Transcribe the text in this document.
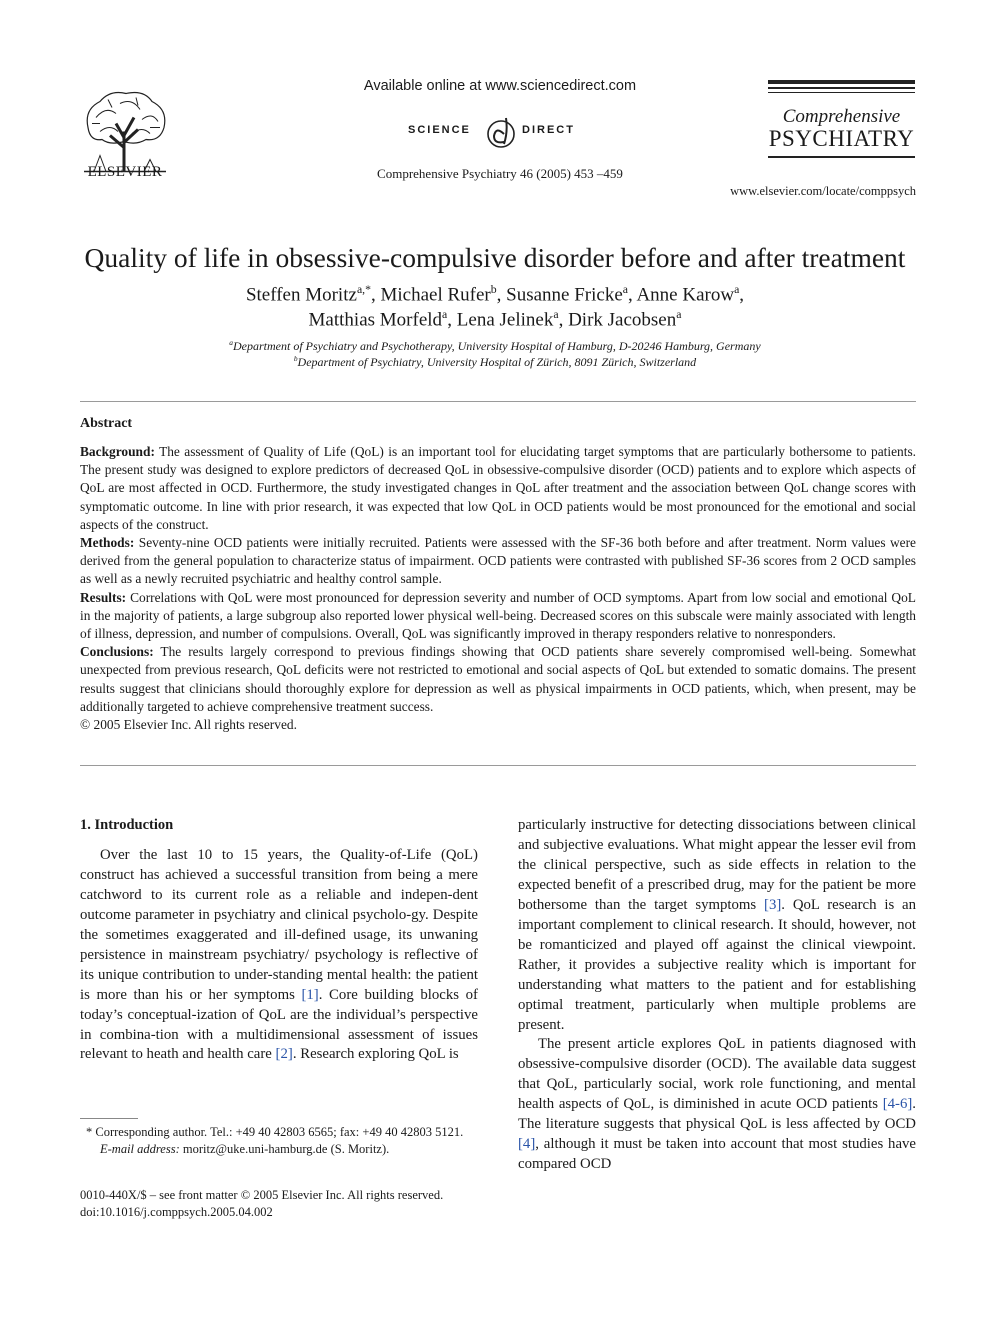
ELSEVIER
Available online at www.sciencedirect.com
SCIENCE	DIRECT
Comprehensive Psychiatry 46 (2005) 453 –459
Comprehensive
PSYCHIATRY
www.elsevier.com/locate/comppsych
Quality of life in obsessive-compulsive disorder before and after treatment
Steffen Moritz$^{a,*}$, Michael Rufer$^b$, Susanne Fricke$^a$, Anne Karow$^a$,
Matthias Morfeld$^a$, Lena Jelinek$^a$, Dirk Jacobsen$^a$
$^a$Department of Psychiatry and Psychotherapy, University Hospital of Hamburg, D-20246 Hamburg, Germany
$^b$Department of Psychiatry, University Hospital of Zürich, 8091 Zürich, Switzerland
Abstract

Background: The assessment of Quality of Life (QoL) is an important tool for elucidating target symptoms that are particularly bothersome to patients. The present study was designed to explore predictors of decreased QoL in obsessive-compulsive disorder (OCD) patients and to explore which aspects of QoL are most affected in OCD. Furthermore, the study investigated changes in QoL after treatment and the association between QoL change scores with symptomatic outcome. In line with prior research, it was expected that low QoL in OCD patients would be most pronounced for the emotional and social aspects of the construct.

Methods: Seventy-nine OCD patients were initially recruited. Patients were assessed with the SF-36 both before and after treatment. Norm values were derived from the general population to characterize status of impairment. OCD patients were contrasted with published SF-36 scores from 2 OCD samples as well as a newly recruited psychiatric and healthy control sample.

Results: Correlations with QoL were most pronounced for depression severity and number of OCD symptoms. Apart from low social and emotional QoL in the majority of patients, a large subgroup also reported lower physical well-being. Decreased scores on this subscale were mainly associated with length of illness, depression, and number of compulsions. Overall, QoL was significantly improved in therapy responders relative to nonresponders.

Conclusions: The results largely correspond to previous findings showing that OCD patients share severely compromised well-being. Somewhat unexpected from previous research, QoL deficits were not restricted to emotional and social aspects of QoL but extended to somatic domains. The present results suggest that clinicians should thoroughly explore for depression as well as physical impairments in OCD patients, which, when present, may be additionally targeted to achieve comprehensive treatment success.

© 2005 Elsevier Inc. All rights reserved.

1. Introduction

Over the last 10 to 15 years, the Quality-of-Life (QoL) construct has achieved a successful transition from being a mere catchword to its current role as a reliable and indepen-dent outcome parameter in psychiatry and clinical psycholo-gy. Despite the sometimes exaggerated and ill-defined usage, its unwaning persistence in mainstream psychiatry/ psychology is reflective of its unique contribution to under-standing mental health: the patient is more than his or her symptoms [1]. Core building blocks of today’s conceptual-ization of QoL are the individual’s perspective in combina-tion with a multidimensional assessment of issues relevant to heath and health care [2]. Research exploring QoL is

particularly instructive for detecting dissociations between clinical and subjective evaluations. What might appear the lesser evil from the clinical perspective, such as side effects in relation to the expected benefit of a prescribed drug, may for the patient be more bothersome than the target symptoms [3]. QoL research is an important complement to clinical research. It should, however, not be romanticized and played off against the clinical viewpoint. Rather, it provides a subjective reality which is important for understanding what matters to the patient and for establishing optimal treatment, particularly when multiple problems are present.

The present article explores QoL in patients diagnosed with obsessive-compulsive disorder (OCD). The available data suggest that QoL, particularly social, work role functioning, and mental health aspects of QoL, is diminished in acute OCD patients [4-6]. The literature suggests that physical QoL is less affected by OCD [4], although it must be taken into account that most studies have compared OCD

* Corresponding author. Tel.: +49 40 42803 6565; fax: +49 40 42803 5121.

E-mail address: moritz@uke.uni-hamburg.de (S. Moritz).

0010-440X/$ – see front matter © 2005 Elsevier Inc. All rights reserved.

doi:10.1016/j.comppsych.2005.04.002
